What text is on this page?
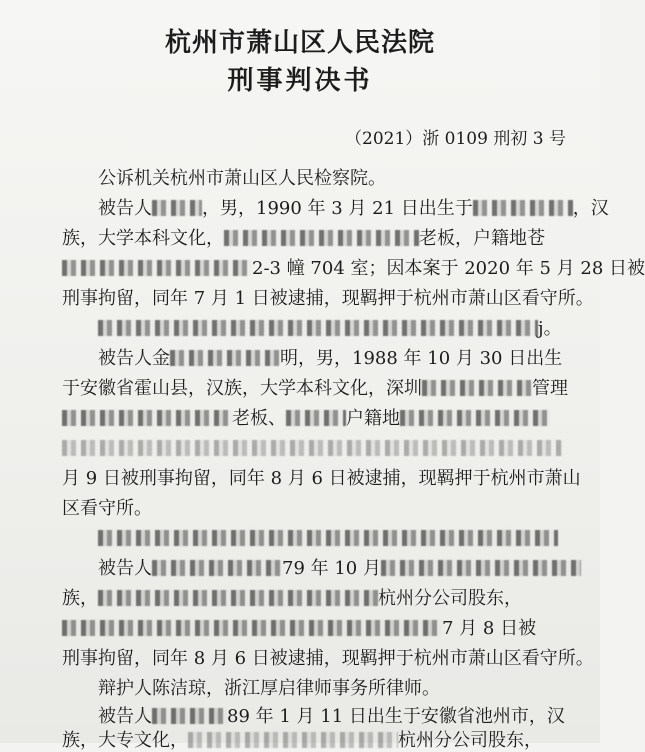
杭州市萧山区人民法院
刑事判决书
（2021）浙 0109 刑初 3 号
公诉机关杭州市萧山区人民检察院。
被告人	，男，1990 年 3 月 21 日出生于	，汉
族，大学本科文化，	老板，户籍地苍
2-3 幢 704 室；因本案于 2020 年 5 月 28 日被
刑事拘留，同年 7 月 1 日被逮捕，现羁押于杭州市萧山区看守所。
j。
被告人金	明，男，1988 年 10 月 30 日出生
于安徽省霍山县，汉族，大学本科文化，深圳	管理
老板、	户籍地
月 9 日被刑事拘留，同年 8 月 6 日被逮捕，现羁押于杭州市萧山
区看守所。
被告人	79 年 10 月
族，	杭州分公司股东，
7 月 8 日被
刑事拘留，同年 8 月 6 日被逮捕，现羁押于杭州市萧山区看守所。
辩护人陈洁琼，浙江厚启律师事务所律师。
被告人	89 年 1 月 11 日出生于安徽省池州市，汉
族，大专文化，	杭州分公司股东，
